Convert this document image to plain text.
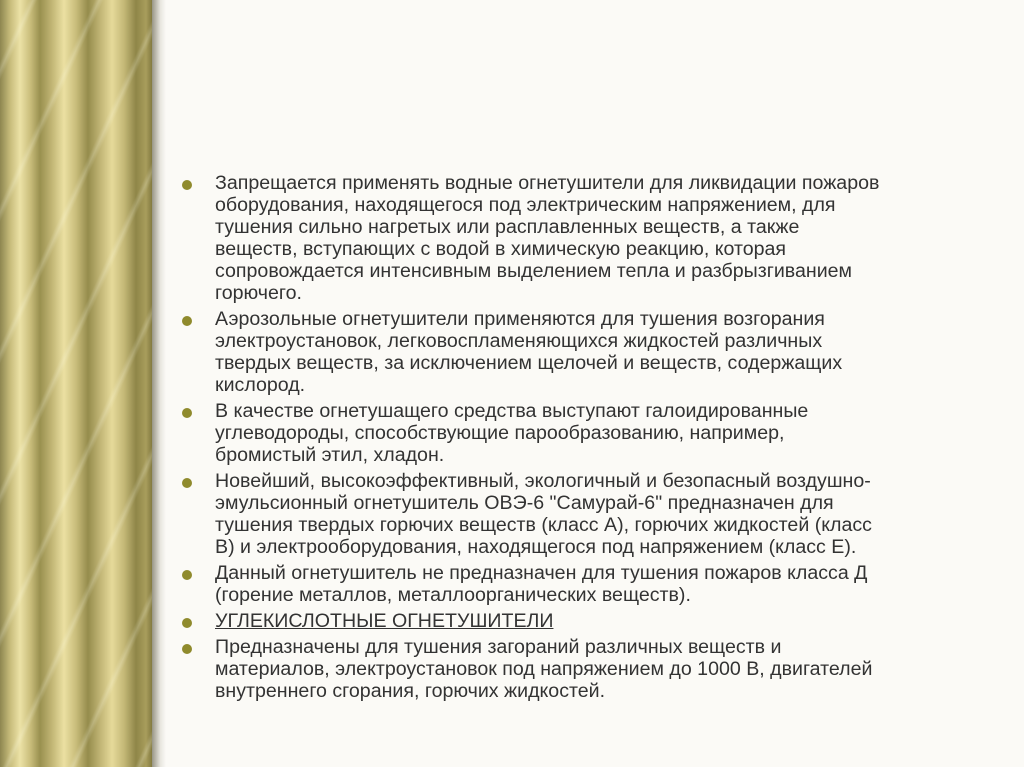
Запрещается применять водные огнетушители для ликвидации пожаров
оборудования, находящегося под электрическим напряжением, для
тушения сильно нагретых или расплавленных веществ, а также
веществ, вступающих с водой в химическую реакцию, которая
сопровождается интенсивным выделением тепла и разбрызгиванием
горючего.
Аэрозольные огнетушители применяются для тушения возгорания
электроустановок, легковоспламеняющихся жидкостей различных
твердых веществ, за исключением щелочей и веществ, содержащих
кислород.
В качестве огнетушащего средства выступают галоидированные
углеводороды, способствующие парообразованию, например,
бромистый этил, хладон.
Новейший, высокоэффективный, экологичный и безопасный воздушно-
эмульсионный огнетушитель ОВЭ-6 "Самурай-6" предназначен для
тушения твердых горючих веществ (класс А), горючих жидкостей (класс
В) и электрооборудования, находящегося под напряжением (класс Е).
Данный огнетушитель не предназначен для тушения пожаров класса Д
(горение металлов, металлоорганических веществ).
УГЛЕКИСЛОТНЫЕ ОГНЕТУШИТЕЛИ
Предназначены для тушения загораний различных веществ и
материалов, электроустановок под напряжением до 1000 В, двигателей
внутреннего сгорания, горючих жидкостей.
